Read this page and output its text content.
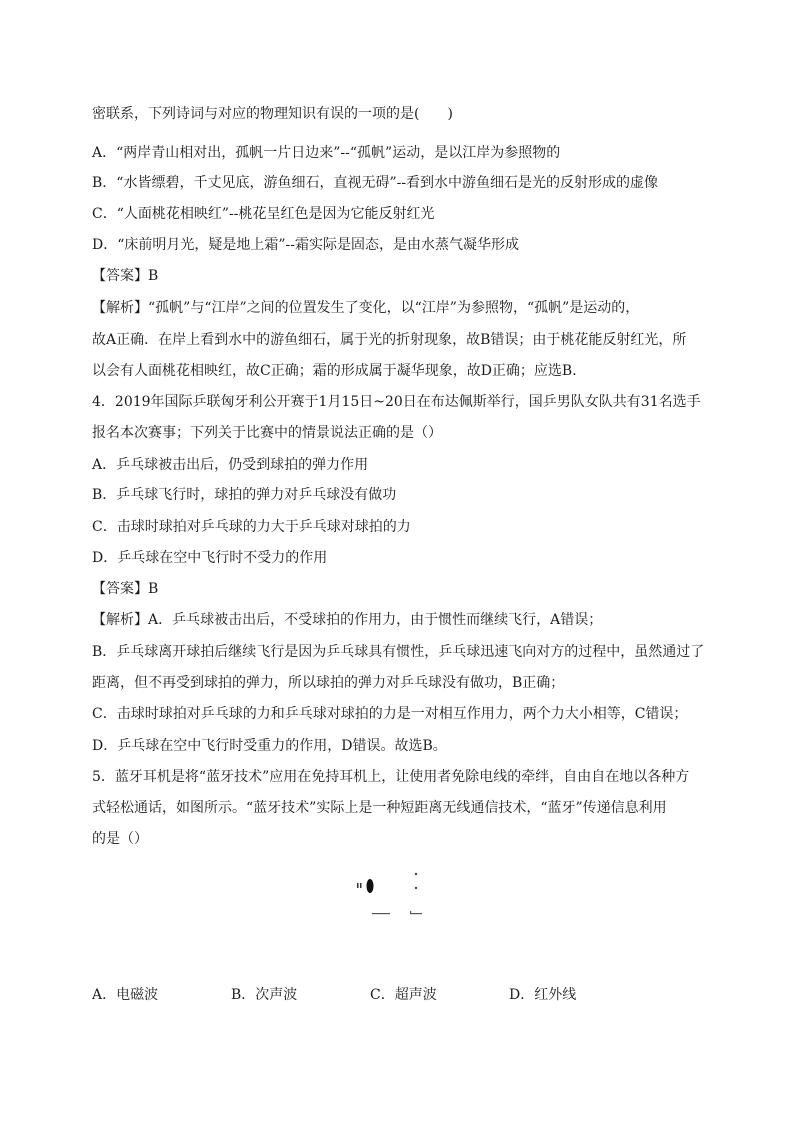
密联系，下列诗词与对应的物理知识有误的一项的是(　　)
A．“两岸青山相对出，孤帆一片日边来”--“孤帆”运动，是以江岸为参照物的
B．“水皆缥碧，千丈见底，游鱼细石，直视无碍”--看到水中游鱼细石是光的反射形成的虚像
C．“人面桃花相映红”--桃花呈红色是因为它能反射红光
D．“床前明月光，疑是地上霜”--霜实际是固态，是由水蒸气凝华形成
【答案】B
【解析】“孤帆”与“江岸”之间的位置发生了变化，以“江岸”为参照物，“孤帆”是运动的，
故A正确．在岸上看到水中的游鱼细石，属于光的折射现象，故B错误；由于桃花能反射红光，所
以会有人面桃花相映红，故C正确；霜的形成属于凝华现象，故D正确；应选B．
4．2019年国际乒联匈牙利公开赛于1月15日~20日在布达佩斯举行，国乒男队女队共有31名选手
报名本次赛事；下列关于比赛中的情景说法正确的是（）
A．乒乓球被击出后，仍受到球拍的弹力作用
B．乒乓球飞行时，球拍的弹力对乒乓球没有做功
C．击球时球拍对乒乓球的力大于乒乓球对球拍的力
D．乒乓球在空中飞行时不受力的作用
【答案】B
【解析】A．乒乓球被击出后，不受球拍的作用力，由于惯性而继续飞行，A错误；
B．乒乓球离开球拍后继续飞行是因为乒乓球具有惯性，乒乓球迅速飞向对方的过程中，虽然通过了
距离，但不再受到球拍的弹力，所以球拍的弹力对乒乓球没有做功，B正确；
C．击球时球拍对乒乓球的力和乒乓球对球拍的力是一对相互作用力，两个力大小相等，C错误；
D．乒乓球在空中飞行时受重力的作用，D错误。故选B。
5．蓝牙耳机是将“蓝牙技术”应用在免持耳机上，让使用者免除电线的牵绊，自由自在地以各种方
式轻松通话，如图所示。“蓝牙技术”实际上是一种短距离无线通信技术，“蓝牙”传递信息利用
的是（）
A．电磁波	B．次声波	C．超声波	D．红外线
